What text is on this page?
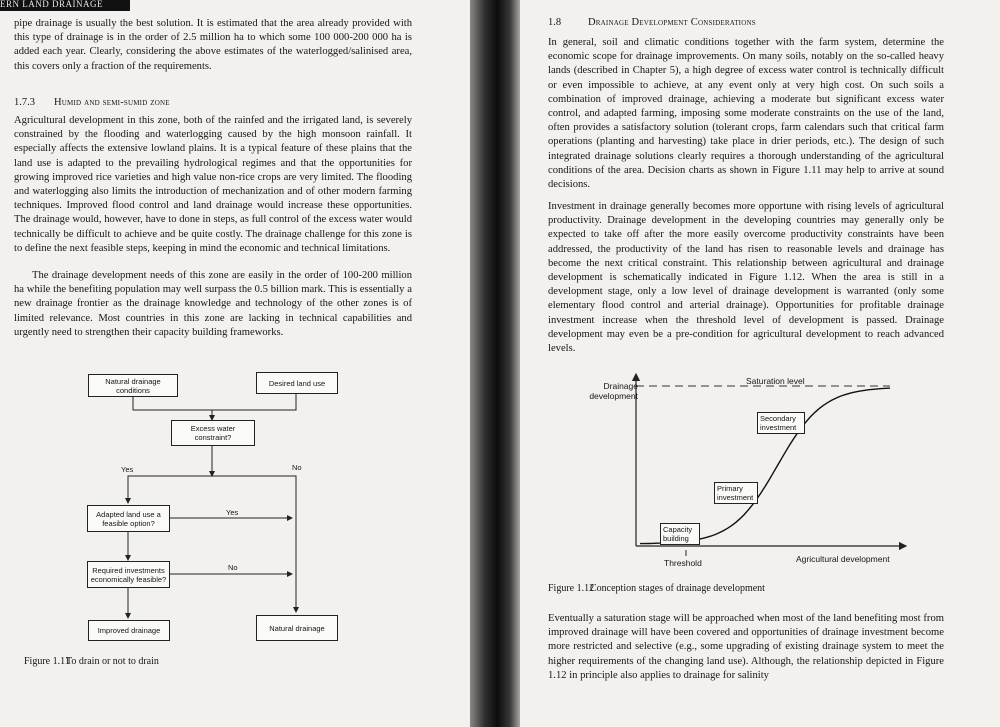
ERN LAND DRAINAGE

pipe drainage is usually the best solution. It is estimated that the area already provided with this type of drainage is in the order of 2.5 million ha to which some 100 000-200 000 ha is added each year. Clearly, considering the above estimates of the waterlogged/salinised area, this covers only a fraction of the requirements.

1.7.3 Humid and semi-sumid zone

Agricultural development in this zone, both of the rainfed and the irrigated land, is severely constrained by the flooding and waterlogging caused by the high monsoon rainfall. It especially affects the extensive lowland plains. It is a typical feature of these plains that the land use is adapted to the prevailing hydrological regimes and that the opportunities for growing improved rice varieties and high value non-rice crops are very limited. The flooding and waterlogging also limits the introduction of mechanization and of other modern farming techniques. Improved flood control and land drainage would increase these opportunities. The drainage would, however, have to done in steps, as full control of the excess water would technically be difficult to achieve and be quite costly. The drainage challenge for this zone is to define the next feasible steps, keeping in mind the economic and technical limitations.

The drainage development needs of this zone are easily in the order of 100-200 million ha while the benefiting population may well surpass the 0.5 billion mark. This is essentially a new drainage frontier as the drainage knowledge and technology of the other zones is of limited relevance. Most countries in this zone are lacking in technical capabilities and urgently need to strengthen their capacity building frameworks.

Natural drainage conditions
Desired land use
Excess water constraint?
Adapted land use a feasible option?
Required investments economically feasible?
Improved drainage	Natural drainage
Yes	No
Yes
No
Figure 1.11To drain or not to drain
1.8	Drainage Development Considerations

In general, soil and climatic conditions together with the farm system, determine the economic scope for drainage improvements. On many soils, notably on the so-called heavy lands (described in Chapter 5), a high degree of excess water control is technically difficult or even impossible to achieve, at any event only at very high cost. On such soils a combination of improved drainage, achieving a moderate but significant excess water control, and adapted farming, imposing some moderate constraints on the use of the land, often provides a satisfactory solution (tolerant crops, farm calendars such that critical farm operations (planting and harvesting) take place in drier periods, etc.). The design of such integrated drainage solutions clearly requires a thorough understanding of the agricultural conditions of the area. Decision charts as shown in Figure 1.11 may help to arrive at sound decisions.

Investment in drainage generally becomes more opportune with rising levels of agricultural productivity. Drainage development in the developing countries may generally only be expected to take off after the more easily overcome productivity constraints have been addressed, the productivity of the land has risen to reasonable levels and drainage has become the next critical constraint. This relationship between agricultural and drainage development is schematically indicated in Figure 1.12. When the area is still in a development stage, only a low level of drainage development is warranted (only some elementary flood control and arterial drainage). Opportunities for profitable drainage investment increase when the threshold level of development is passed. Drainage development may even be a pre-condition for agricultural development to reach advanced levels.

Drainage development
Saturation level
Threshold	Agricultural development
Capacity building
Primary investment
Secondary investment
Figure 1.12Conception stages of drainage development

Eventually a saturation stage will be approached when most of the land benefiting most from improved drainage will have been covered and opportunities of drainage investment become more restricted and selective (e.g., some upgrading of existing drainage system to meet the higher requirements of the changing land use). Although, the relationship depicted in Figure 1.12 in principle also applies to drainage for salinity
